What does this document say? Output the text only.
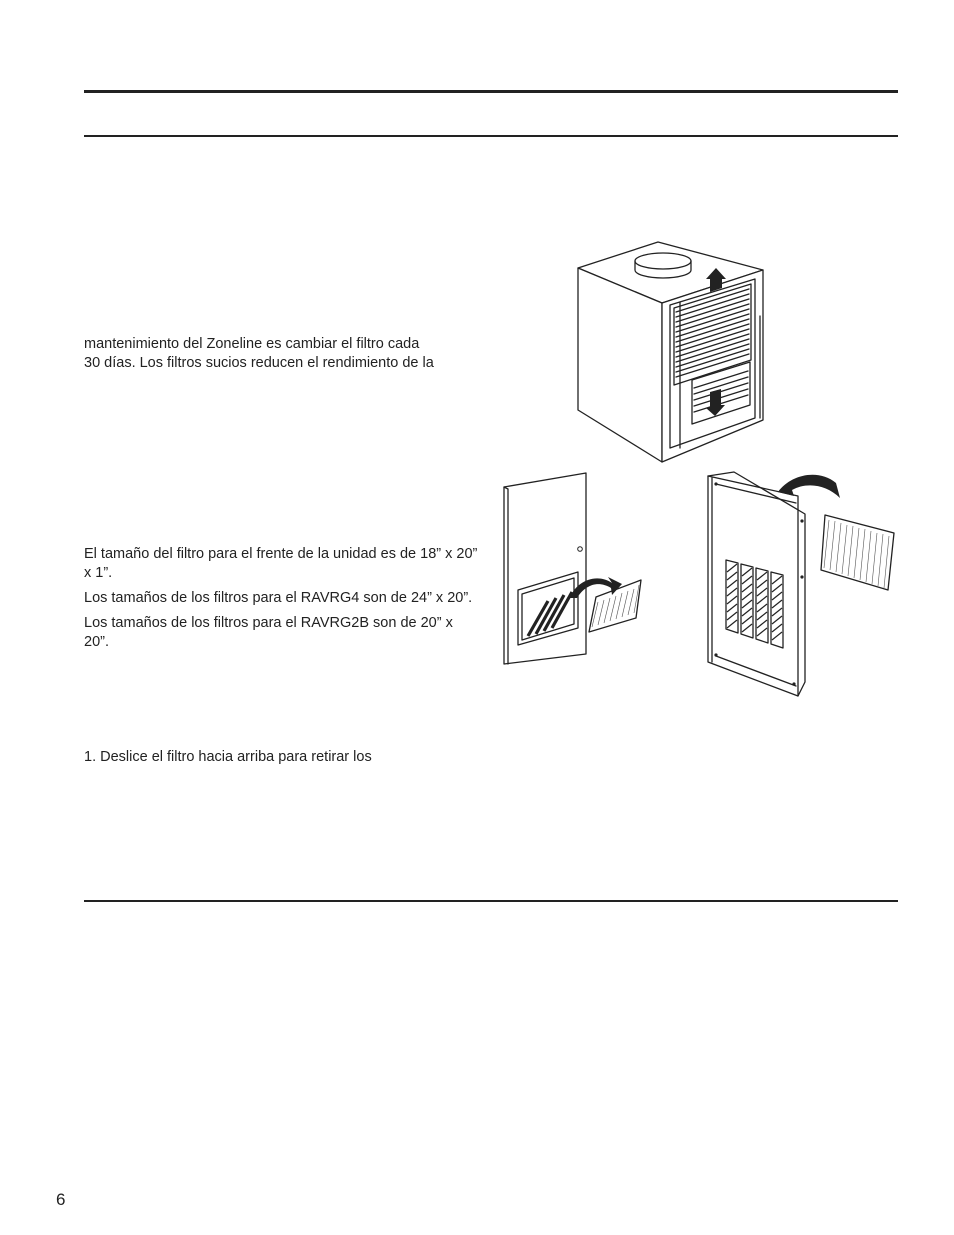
mantenimiento del Zoneline es cambiar el filtro cada
30 días. Los filtros sucios reducen el rendimiento de la

El tamaño del filtro para el frente de la unidad es de 18” x 20” x 1”.

Los tamaños de los filtros para el RAVRG4 son de 24” x 20”.

Los tamaños de los filtros para el RAVRG2B son de 20” x 20”.

1. Deslice el filtro hacia arriba para retirar los
6
